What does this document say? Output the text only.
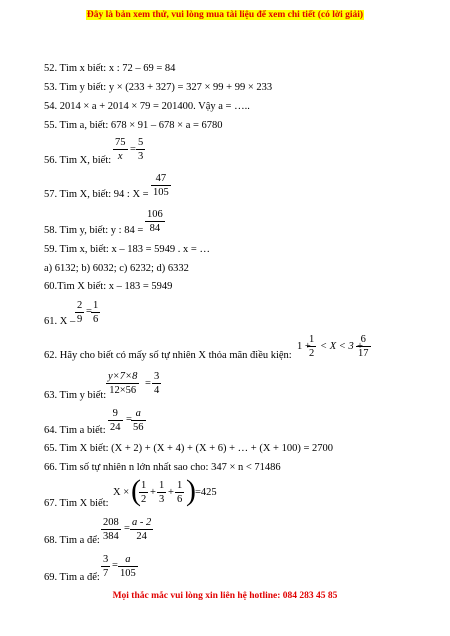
Đây là bản xem thử, vui lòng mua tài liệu để xem chi tiết (có lời giải)
52. Tìm x biết: x : 72 – 69 = 84
53. Tìm y biết: y × (233 + 327) = 327 × 99 + 99 × 233
54. 2014 × a + 2014 × 79 = 201400. Vậy a = …..
55. Tìm a, biết: 678 × 91 – 678 × a = 6780
56. Tìm X, biết: $\frac{75}{x} = \frac{5}{3}$
57. Tìm X, biết: 94 : $X = \frac{47}{105}$
58. Tìm y, biết: y : $84 = \frac{106}{84}$
59. Tìm x, biết: x – 183 = 5949 . x = …
a) 6132; b) 6032; c) 6232; d) 6332
60.Tìm X biết: x – 183 = 5949
61. $X - \frac{2}{9} = \frac{1}{6}$
62. Hãy cho biết có mấy số tự nhiên X thỏa mãn điều kiện:
1 +
$\frac{1}{2} < X < 3$ +
$\frac{6}{17}$
63. Tìm y biết: $\frac{y\times 7\times 8}{12\times 56} = \frac{3}{4}$
64. Tìm a biết: $\frac{9}{24} = \frac{a}{56}$
65. Tìm X biết: (X + 2) + (X + 4) + (X + 6) + … + (X + 100) = 2700
66. Tìm số tự nhiên n lớn nhất sao cho: 347 × n < 71486
67. Tìm X biết:
X × (
$\frac{1}{2} + \frac{1}{3} + \frac{1}{6}$ ) =425
68. Tìm a để: $\frac{208}{384} = \frac{a - 2}{24}$
69. Tìm a để: $\frac{3}{7} = \frac{a}{105}$
Mọi thắc mắc vui lòng xin liên hệ hotline: 084 283 45 85
